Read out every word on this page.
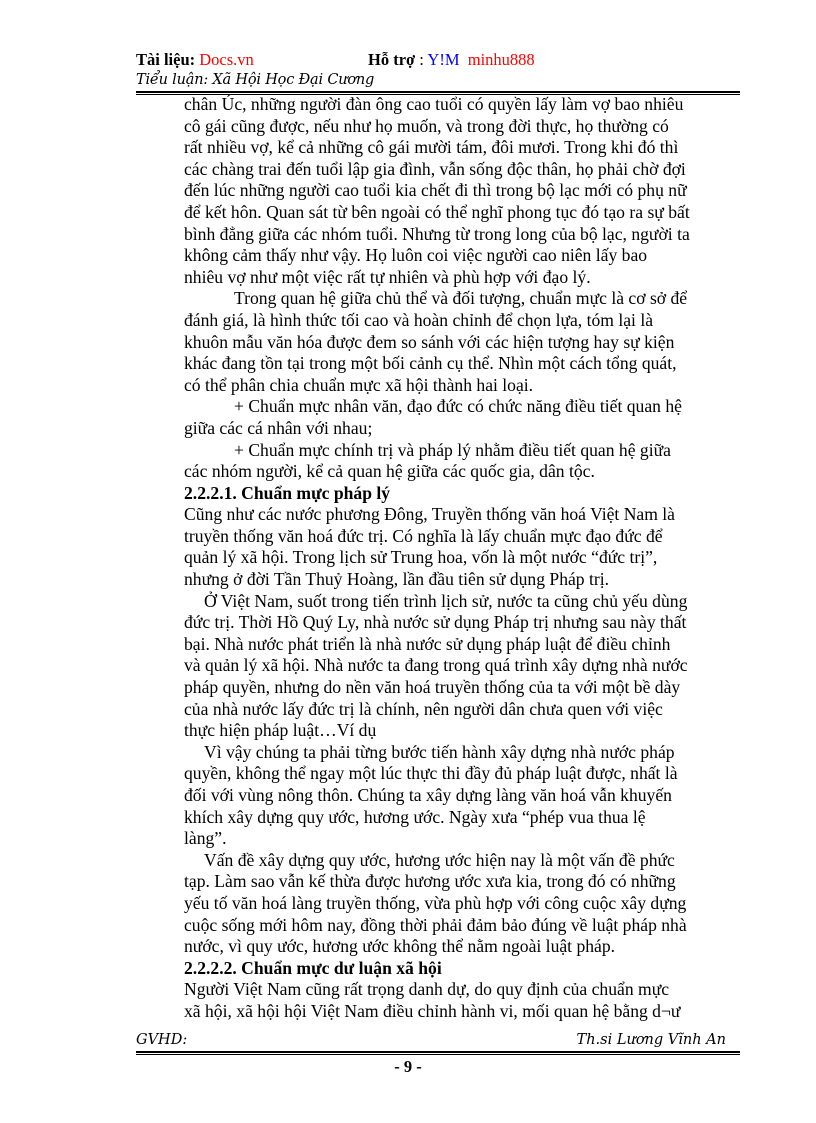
Tài liệu: Docs.vn	Hỗ trợ : Y!M minhu888
Tiểu luận: Xã Hội Học Đại Cương

chân Úc, những người đàn ông cao tuổi có quyền lấy làm vợ bao nhiêu

cô gái cũng được, nếu như họ muốn, và trong đời thực, họ thường có

rất nhiều vợ, kể cả những cô gái mười tám, đôi mươi. Trong khi đó thì

các chàng trai đến tuổi lập gia đình, vẫn sống độc thân, họ phải chờ đợi

đến lúc những người cao tuổi kia chết đi thì trong bộ lạc mới có phụ nữ

để kết hôn. Quan sát từ bên ngoài có thể nghĩ phong tục đó tạo ra sự bất

bình đẳng giữa các nhóm tuổi. Nhưng từ trong long của bộ lạc, người ta

không cảm thấy như vậy. Họ luôn coi việc người cao niên lấy bao

nhiêu vợ như một việc rất tự nhiên và phù hợp với đạo lý.

Trong quan hệ giữa chủ thể và đối tượng, chuẩn mực là cơ sở để

đánh giá, là hình thức tối cao và hoàn chỉnh để chọn lựa, tóm lại là

khuôn mẫu văn hóa được đem so sánh với các hiện tượng hay sự kiện

khác đang tồn tại trong một bối cảnh cụ thể. Nhìn một cách tổng quát,

có thể phân chia chuẩn mực xã hội thành hai loại.

+ Chuẩn mực nhân văn, đạo đức có chức năng điều tiết quan hệ

giữa các cá nhân với nhau;

+ Chuẩn mực chính trị và pháp lý nhằm điều tiết quan hệ giữa

các nhóm người, kể cả quan hệ giữa các quốc gia, dân tộc.

2.2.2.1. Chuẩn mực pháp lý

Cũng như các nước phương Đông, Truyền thống văn hoá Việt Nam là

truyền thống văn hoá đức trị. Có nghĩa là lấy chuẩn mực đạo đức để

quản lý xã hội. Trong lịch sử Trung hoa, vốn là một nước “đức trị”,

nhưng ở đời Tần Thuỷ Hoàng, lần đầu tiên sử dụng Pháp trị.

Ở Việt Nam, suốt trong tiến trình lịch sử, nước ta cũng chủ yếu dùng

đức trị. Thời Hồ Quý Ly, nhà nước sử dụng Pháp trị nhưng sau này thất

bại. Nhà nước phát triển là nhà nước sử dụng pháp luật để điều chỉnh

và quản lý xã hội. Nhà nước ta đang trong quá trình xây dựng nhà nước

pháp quyền, nhưng do nền văn hoá truyền thống của ta với một bề dày

của nhà nước lấy đức trị là chính, nên người dân chưa quen với việc

thực hiện pháp luật…Ví dụ

Vì vậy chúng ta phải từng bước tiến hành xây dựng nhà nước pháp

quyền, không thể ngay một lúc thực thi đầy đủ pháp luật được, nhất là

đối với vùng nông thôn. Chúng ta xây dựng làng văn hoá vẫn khuyến

khích xây dựng quy ước, hương ước. Ngày xưa “phép vua thua lệ

làng”.

Vấn đề xây dựng quy ước, hương ước hiện nay là một vấn đề phức

tạp. Làm sao vẫn kế thừa được hương ước xưa kia, trong đó có những

yếu tố văn hoá làng truyền thống, vừa phù hợp với công cuộc xây dựng

cuộc sống mới hôm nay, đồng thời phải đảm bảo đúng về luật pháp nhà

nước, vì quy ước, hương ước không thể nằm ngoài luật pháp.

2.2.2.2. Chuẩn mực dư luận xã hội

Người Việt Nam cũng rất trọng danh dự, do quy định của chuẩn mực

xã hội, xã hội hội Việt Nam điều chỉnh hành vi, mối quan hệ bằng d¬ư

GVHD:	Th.si Lương Vĩnh An
- 9 -
